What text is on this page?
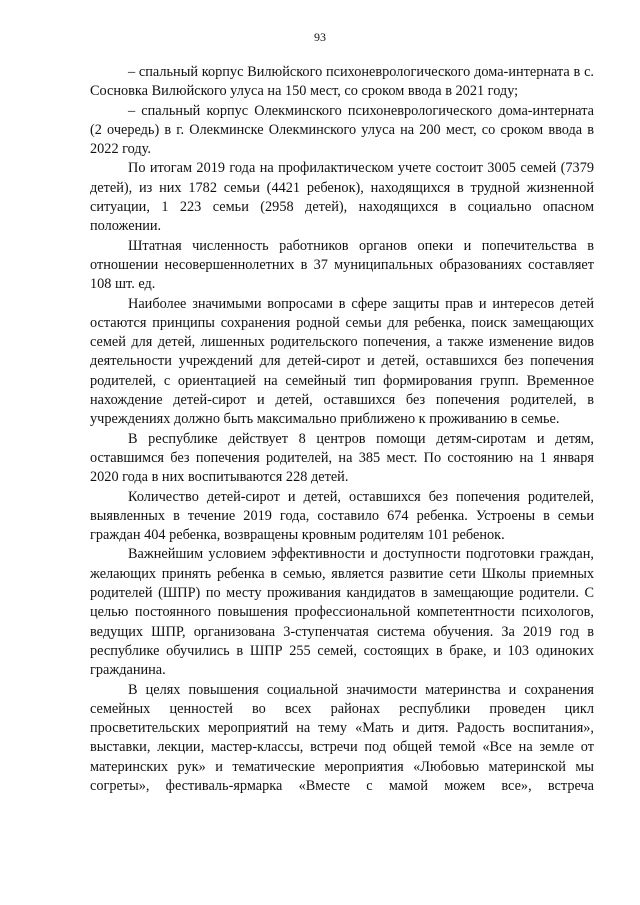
93

– спальный корпус Вилюйского психоневрологического дома-интерната в с. Сосновка Вилюйского улуса на 150 мест, со сроком ввода в 2021 году;

– спальный корпус Олекминского психоневрологического дома-интерната (2 очередь) в г. Олекминске Олекминского улуса на 200 мест, со сроком ввода в 2022 году.

По итогам 2019 года на профилактическом учете состоит 3005 семей (7379 детей), из них 1782 семьи (4421 ребенок), находящихся в трудной жизненной ситуации, 1 223 семьи (2958 детей), находящихся в социально опасном положении.

Штатная численность работников органов опеки и попечительства в отношении несовершеннолетних в 37 муниципальных образованиях составляет 108 шт. ед.

Наиболее значимыми вопросами в сфере защиты прав и интересов детей остаются принципы сохранения родной семьи для ребенка, поиск замещающих семей для детей, лишенных родительского попечения, а также изменение видов деятельности учреждений для детей-сирот и детей, оставшихся без попечения родителей, с ориентацией на семейный тип формирования групп. Временное нахождение детей-сирот и детей, оставшихся без попечения родителей, в учреждениях должно быть максимально приближено к проживанию в семье.

В республике действует 8 центров помощи детям-сиротам и детям, оставшимся без попечения родителей, на 385 мест. По состоянию на 1 января 2020 года в них воспитываются 228 детей.

Количество детей-сирот и детей, оставшихся без попечения родителей, выявленных в течение 2019 года, составило 674 ребенка. Устроены в семьи граждан 404 ребенка, возвращены кровным родителям 101 ребенок.

Важнейшим условием эффективности и доступности подготовки граждан, желающих принять ребенка в семью, является развитие сети Школы приемных родителей (ШПР) по месту проживания кандидатов в замещающие родители. С целью постоянного повышения профессиональной компетентности психологов, ведущих ШПР, организована 3-ступенчатая система обучения. За 2019 год в республике обучились в ШПР 255 семей, состоящих в браке, и 103 одиноких гражданина.

В целях повышения социальной значимости материнства и сохранения семейных ценностей во всех районах республики проведен цикл просветительских мероприятий на тему «Мать и дитя. Радость воспитания», выставки, лекции, мастер-классы, встречи под общей темой «Все на земле от материнских рук» и тематические мероприятия «Любовью материнской мы согреты», фестиваль-ярмарка «Вместе с мамой можем все», встреча
